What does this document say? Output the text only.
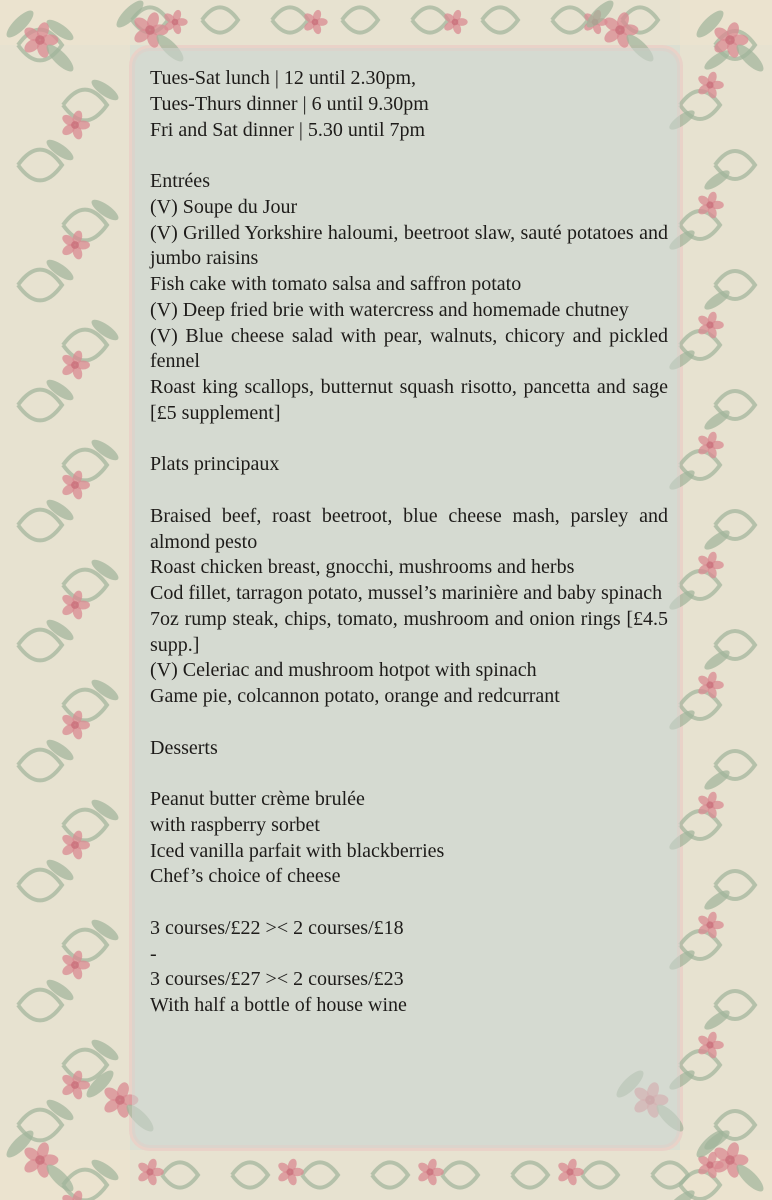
Tues-Sat lunch | 12 until 2.30pm,
Tues-Thurs dinner | 6 until 9.30pm
Fri and Sat dinner | 5.30 until 7pm
Entrées
(V) Soupe du Jour
(V) Grilled Yorkshire haloumi, beetroot slaw, sauté potatoes and jumbo raisins
Fish cake with tomato salsa and saffron potato
(V) Deep fried brie with watercress and homemade chutney
(V) Blue cheese salad with pear, walnuts, chicory and pickled fennel
Roast king scallops, butternut squash risotto, pancetta and sage [£5 supplement]
Plats principaux
Braised beef, roast beetroot, blue cheese mash, parsley and almond pesto
Roast chicken breast, gnocchi, mushrooms and herbs
Cod fillet, tarragon potato, mussel’s marinière and baby spinach
7oz rump steak, chips, tomato, mushroom and onion rings [£4.5 supp.]
(V) Celeriac and mushroom hotpot with spinach
Game pie, colcannon potato, orange and redcurrant
Desserts
Peanut butter crème brulée
with raspberry sorbet
Iced vanilla parfait with blackberries
Chef’s choice of cheese
3 courses/£22 >< 2 courses/£18
-
3 courses/£27 >< 2 courses/£23
With half a bottle of house wine
